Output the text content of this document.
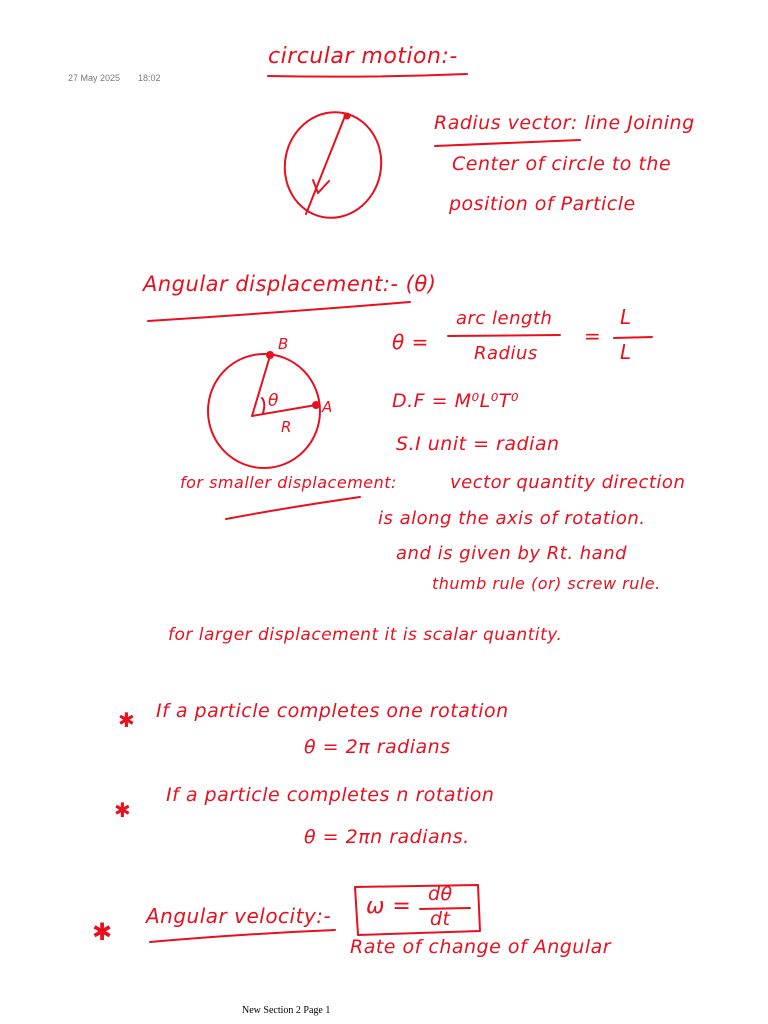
27 May 2025 18:02
B
A
R
θ
circular motion:-
Radius vector: line Joining
Center of circle to the
position of Particle
Angular displacement:- (θ)
θ =
arc length
Radius
=
L
L
D.F = M⁰L⁰T⁰
S.I unit = radian
for smaller displacement:	vector quantity direction
is along the axis of rotation.
and is given by Rt. hand
thumb rule (or) screw rule.
for larger displacement it is scalar quantity.
✱ If a particle completes one rotation
θ = 2π radians
✱
If a particle completes n rotation
θ = 2πn radians.
✱
Angular velocity:- ω = dθ
dt
Rate of change of Angular
New Section 2 Page 1
